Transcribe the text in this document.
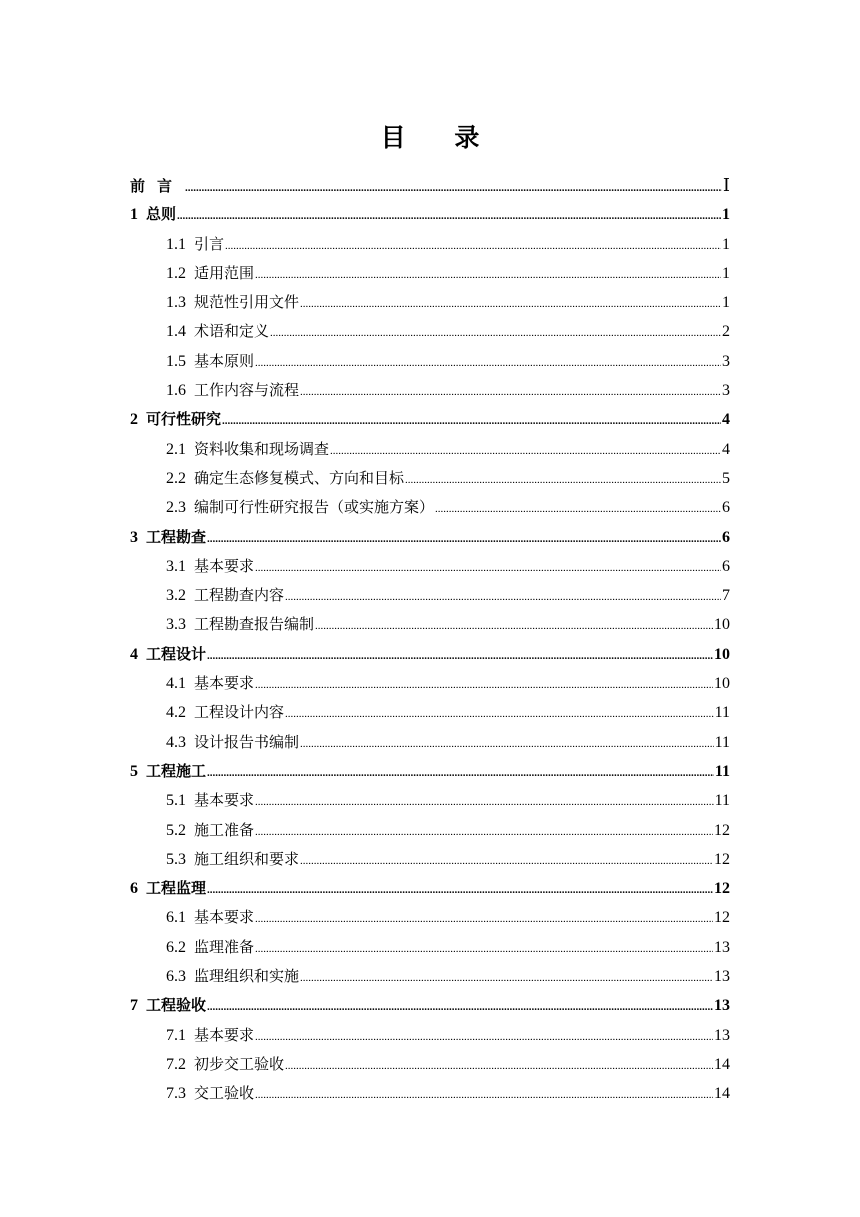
目 录
前言 .....	Ⅰ
1 总则 .....	1
1.1 引言 .....	1
1.2 适用范围 .....	1
1.3 规范性引用文件 .....	1
1.4 术语和定义 .....	2
1.5 基本原则 .....	3
1.6 工作内容与流程 .....	3
2 可行性研究 .....	4
2.1 资料收集和现场调查 .....	4
2.2 确定生态修复模式、方向和目标 .....	5
2.3 编制可行性研究报告（或实施方案） .....	6
3 工程勘查 .....	6
3.1 基本要求 .....	6
3.2 工程勘查内容 .....	7
3.3 工程勘查报告编制 .....	10
4 工程设计 .....	10
4.1 基本要求 .....	10
4.2 工程设计内容 .....	11
4.3 设计报告书编制 .....	11
5 工程施工 .....	11
5.1 基本要求 .....	11
5.2 施工准备 .....	12
5.3 施工组织和要求 .....	12
6 工程监理 .....	12
6.1 基本要求 .....	12
6.2 监理准备 .....	13
6.3 监理组织和实施 .....	13
7 工程验收 .....	13
7.1 基本要求 .....	13
7.2 初步交工验收 .....	14
7.3 交工验收 .....	14
